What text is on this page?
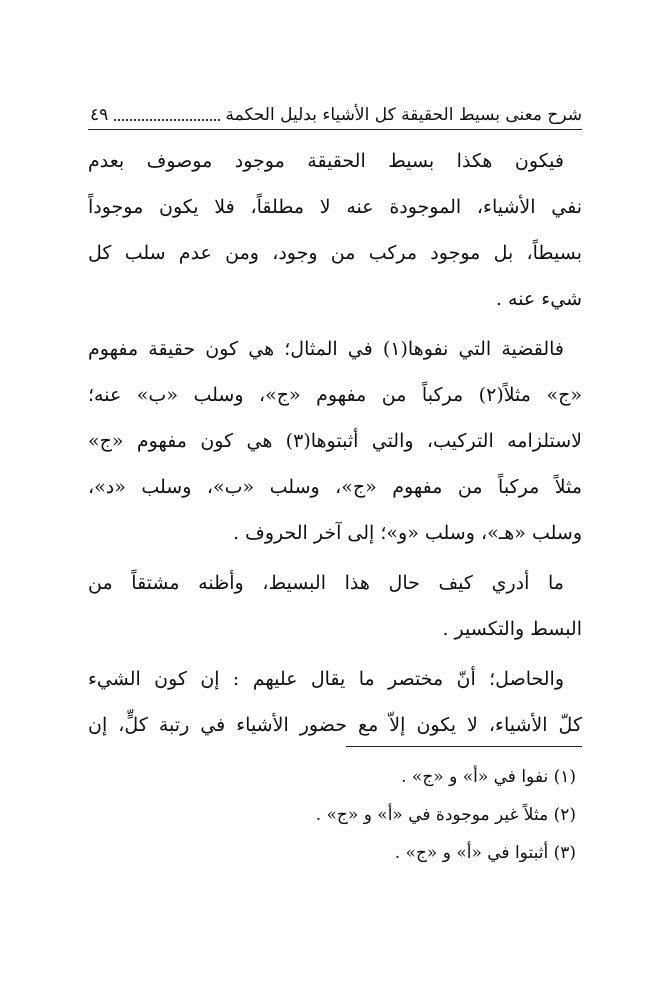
شرح معنى بسيط الحقيقة كل الأشياء بدليل الحكمة
٤٩
فيكون هكذا بسيط الحقيقة موجود موصوف بعدم
نفي الأشياء، الموجودة عنه لا مطلقاً، فلا يكون موجوداً
بسيطاً، بل موجود مركب من وجود، ومن عدم سلب كل
شيء عنه .
فالقضية التي نفوها(١) في المثال؛ هي كون حقيقة مفهوم
«ج» مثلاً(٢) مركباً من مفهوم «ج»، وسلب «ب» عنه؛
لاستلزامه التركيب، والتي أثبتوها(٣) هي كون مفهوم «ج»
مثلاً مركباً من مفهوم «ج»، وسلب «ب»، وسلب «د»،
وسلب «هـ»، وسلب «و»؛ إلى آخر الحروف .
ما أدري كيف حال هذا البسيط، وأظنه مشتقاً من
البسط والتكسير .
والحاصل؛ أنّ مختصر ما يقال عليهم : إن كون الشيء
كلّ الأشياء، لا يكون إلاّ مع حضور الأشياء في رتبة كلٍّ، إن
(١) نفوا في «أ» و «ج» .
(٢) مثلاً غير موجودة في «أ» و «ج» .
(٣) أثبتوا في «أ» و «ج» .
